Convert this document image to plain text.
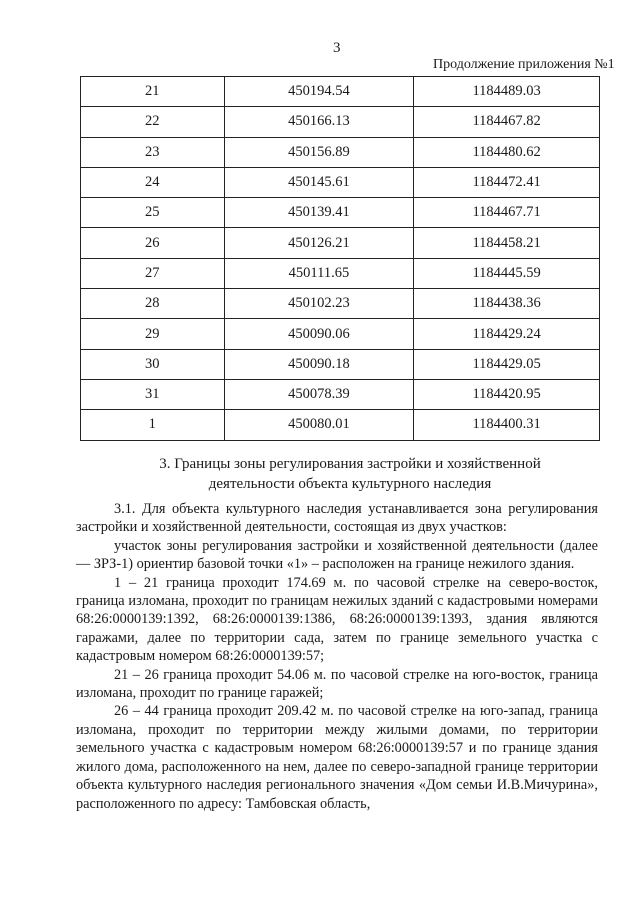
3
Продолжение приложения №1
21	450194.54	1184489.03
22	450166.13	1184467.82
23	450156.89	1184480.62
24	450145.61	1184472.41
25	450139.41	1184467.71
26	450126.21	1184458.21
27	450111.65	1184445.59
28	450102.23	1184438.36
29	450090.06	1184429.24
30	450090.18	1184429.05
31	450078.39	1184420.95
1	450080.01	1184400.31
3. Границы зоны регулирования застройки и хозяйственной
деятельности объекта культурного наследия

3.1. Для объекта культурного наследия устанавливается зона регулирования застройки и хозяйственной деятельности, состоящая из двух участков:

участок зоны регулирования застройки и хозяйственной деятельности (далее — ЗРЗ-1) ориентир базовой точки «1» – расположен на границе нежилого здания.

1 – 21 граница проходит 174.69 м. по часовой стрелке на северо-восток, граница изломана, проходит по границам нежилых зданий с кадастровыми номерами 68:26:0000139:1392, 68:26:0000139:1386, 68:26:0000139:1393, здания являются гаражами, далее по территории сада, затем по границе земельного участка с кадастровым номером 68:26:0000139:57;

21 – 26 граница проходит 54.06 м. по часовой стрелке на юго-восток, граница изломана, проходит по границе гаражей;

26 – 44 граница проходит 209.42 м. по часовой стрелке на юго-запад, граница изломана, проходит по территории между жилыми домами, по территории земельного участка с кадастровым номером 68:26:0000139:57 и по границе здания жилого дома, расположенного на нем, далее по северо-западной границе территории объекта культурного наследия регионального значения «Дом семьи И.В.Мичурина», расположенного по адресу: Тамбовская область,
